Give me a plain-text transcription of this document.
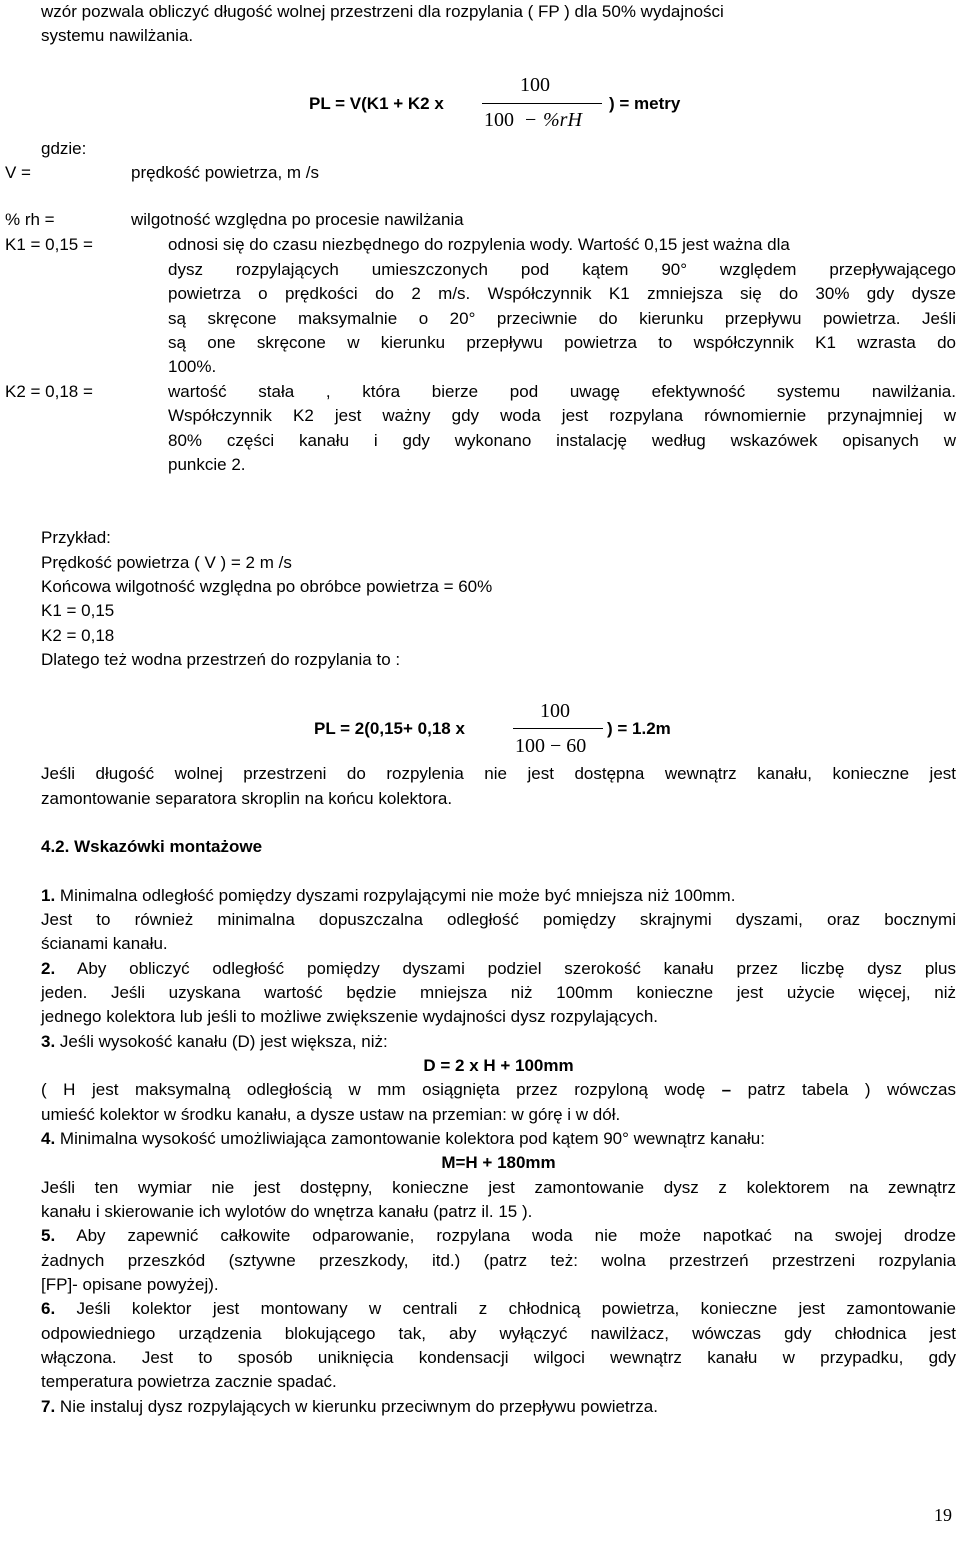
wzór pozwala obliczyć długość wolnej przestrzeni dla rozpylania ( FP ) dla 50% wydajności
systemu nawilżania.
PL = V(K1 + K2 x
100
100 − %rH
) = metry
gdzie:
V =	prędkość powietrza, m /s
% rh =	wilgotność względna po procesie nawilżania
K1 = 0,15 =	odnosi się do czasu niezbędnego do rozpylenia wody. Wartość 0,15 jest ważna dla
dysz rozpylających umieszczonych pod kątem 90° względem przepływającego
powietrza o prędkości do 2 m/s. Współczynnik K1 zmniejsza się do 30% gdy dysze
są skręcone maksymalnie o 20° przeciwnie do kierunku przepływu powietrza. Jeśli
są one skręcone w kierunku przepływu powietrza to współczynnik K1 wzrasta do
100%.
K2 = 0,18 =	wartość stała , która bierze pod uwagę efektywność systemu nawilżania.
Współczynnik K2 jest ważny gdy woda jest rozpylana równomiernie przynajmniej w
80% części kanału i gdy wykonano instalację według wskazówek opisanych w
punkcie 2.
Przykład:
Prędkość powietrza ( V ) = 2 m /s
Końcowa wilgotność względna po obróbce powietrza = 60%
K1 = 0,15
K2 = 0,18
Dlatego też wodna przestrzeń do rozpylania to :
PL = 2(0,15+ 0,18 x
100
100 − 60
) = 1.2m
Jeśli długość wolnej przestrzeni do rozpylenia nie jest dostępna wewnątrz kanału, konieczne jest
zamontowanie separatora skroplin na końcu kolektora.
4.2. Wskazówki montażowe
1. Minimalna odległość pomiędzy dyszami rozpylającymi nie może być mniejsza niż 100mm.
Jest to również minimalna dopuszczalna odległość pomiędzy skrajnymi dyszami, oraz bocznymi
ścianami kanału.
2. Aby obliczyć odległość pomiędzy dyszami podziel szerokość kanału przez liczbę dysz plus
jeden. Jeśli uzyskana wartość będzie mniejsza niż 100mm konieczne jest użycie więcej, niż
jednego kolektora lub jeśli to możliwe zwiększenie wydajności dysz rozpylających.
3. Jeśli wysokość kanału (D) jest większa, niż:
D = 2 x H + 100mm
( H jest maksymalną odległością w mm osiągnięta przez rozpyloną wodę – patrz tabela ) wówczas
umieść kolektor w środku kanału, a dysze ustaw na przemian: w górę i w dół.
4. Minimalna wysokość umożliwiająca zamontowanie kolektora pod kątem 90° wewnątrz kanału:
M=H + 180mm
Jeśli ten wymiar nie jest dostępny, konieczne jest zamontowanie dysz z kolektorem na zewnątrz
kanału i skierowanie ich wylotów do wnętrza kanału (patrz il. 15 ).
5. Aby zapewnić całkowite odparowanie, rozpylana woda nie może napotkać na swojej drodze
żadnych przeszkód (sztywne przeszkody, itd.) (patrz też: wolna przestrzeń przestrzeni rozpylania
[FP]- opisane powyżej).
6. Jeśli kolektor jest montowany w centrali z chłodnicą powietrza, konieczne jest zamontowanie
odpowiedniego urządzenia blokującego tak, aby wyłączyć nawilżacz, wówczas gdy chłodnica jest
włączona. Jest to sposób uniknięcia kondensacji wilgoci wewnątrz kanału w przypadku, gdy
temperatura powietrza zacznie spadać.
7. Nie instaluj dysz rozpylających w kierunku przeciwnym do przepływu powietrza.
19
